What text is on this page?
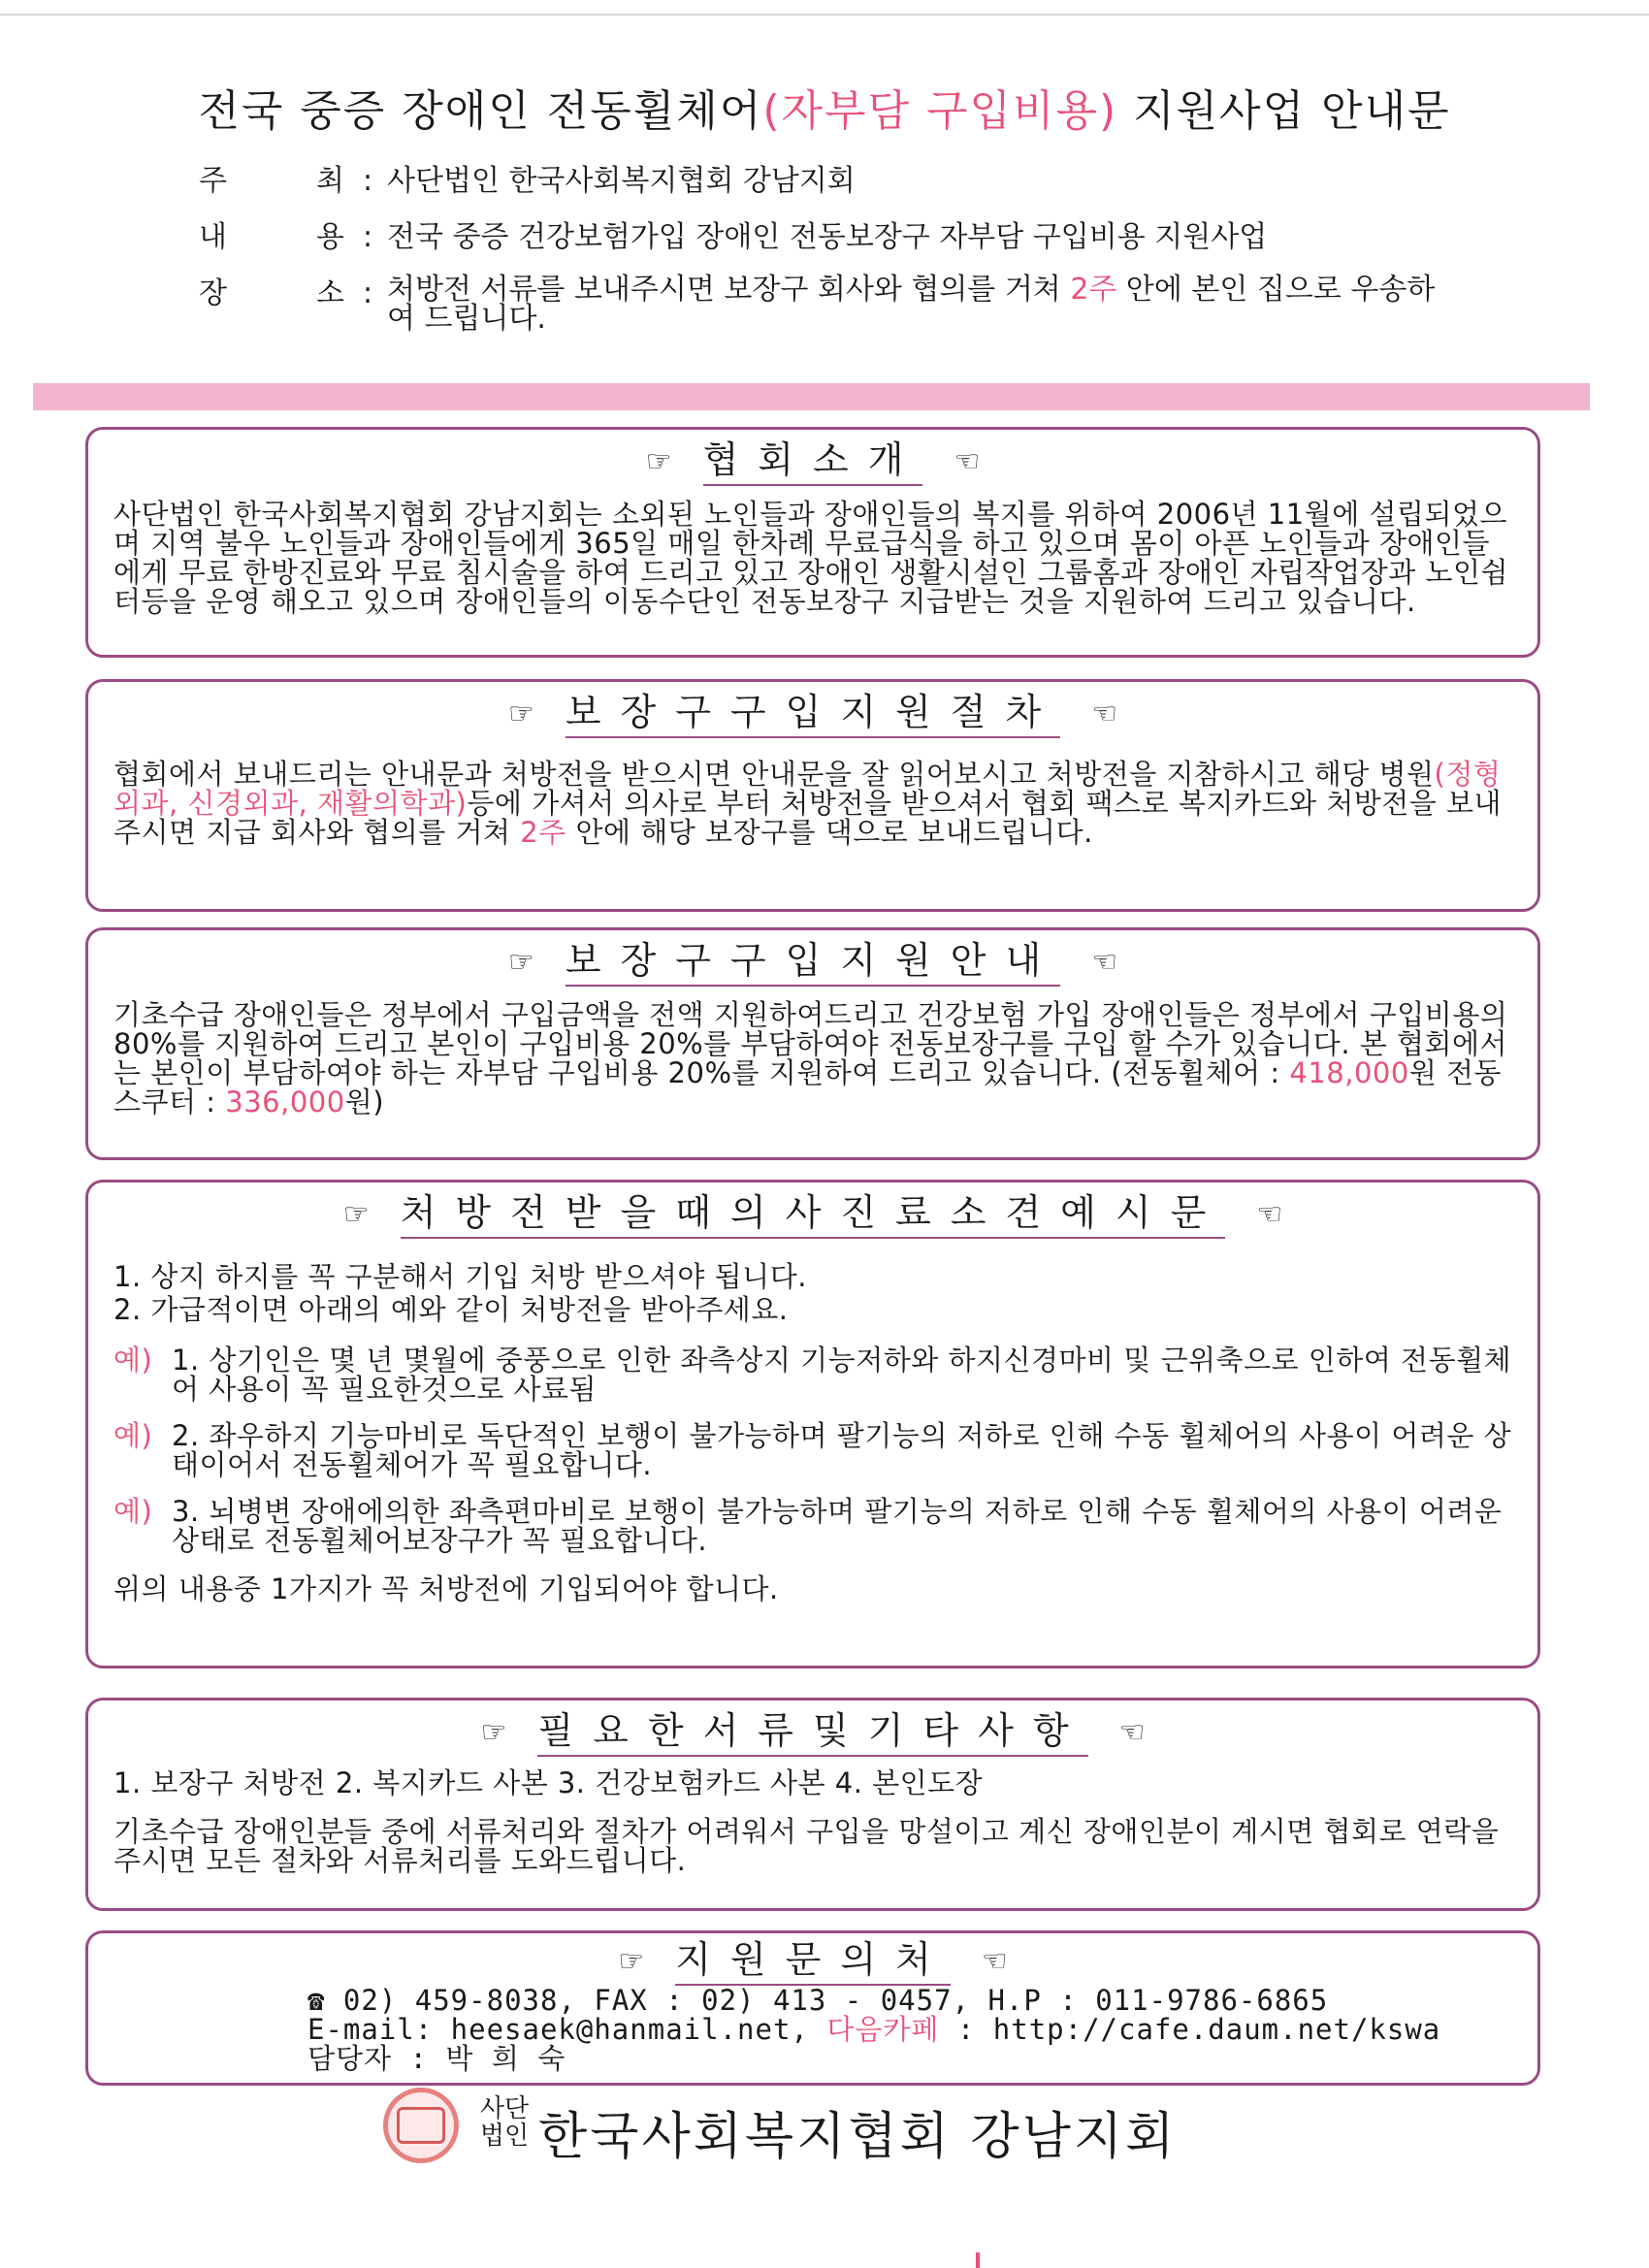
전국 중증 장애인 전동휠체어(자부담 구입비용) 지원사업 안내문
주	최 : 사단법인 한국사회복지협회 강남지회
내	용 : 전국 중증 건강보험가입 장애인 전동보장구 자부담 구입비용 지원사업
장	소 : 처방전 서류를 보내주시면 보장구 회사와 협의를 거쳐 2주 안에 본인 집으로 우송하여 드립니다.
☞ 협회소개 ☜
사단법인 한국사회복지협회 강남지회는 소외된 노인들과 장애인들의 복지를 위하여 2006년 11월에 설립되었으며 지역 불우 노인들과 장애인들에게 365일 매일 한차례 무료급식을 하고 있으며 몸이 아픈 노인들과 장애인들에게 무료 한방진료와 무료 침시술을 하여 드리고 있고 장애인 생활시설인 그룹홈과 장애인 자립작업장과 노인쉼터등을 운영 해오고 있으며 장애인들의 이동수단인 전동보장구 지급받는 것을 지원하여 드리고 있습니다.
☞ 보장구구입지원절차 ☜
협회에서 보내드리는 안내문과 처방전을 받으시면 안내문을 잘 읽어보시고 처방전을 지참하시고 해당 병원(정형외과, 신경외과, 재활의학과)등에 가셔서 의사로 부터 처방전을 받으셔서 협회 팩스로 복지카드와 처방전을 보내주시면 지급 회사와 협의를 거쳐 2주 안에 해당 보장구를 댁으로 보내드립니다.
☞ 보장구구입지원안내 ☜
기초수급 장애인들은 정부에서 구입금액을 전액 지원하여드리고 건강보험 가입 장애인들은 정부에서 구입비용의 80%를 지원하여 드리고 본인이 구입비용 20%를 부담하여야 전동보장구를 구입 할 수가 있습니다. 본 협회에서는 본인이 부담하여야 하는 자부담 구입비용 20%를 지원하여 드리고 있습니다. (전동휠체어 : 418,000원 전동스쿠터 : 336,000원)
☞ 처방전받을때의사진료소견예시문 ☜
1. 상지 하지를 꼭 구분해서 기입 처방 받으셔야 됩니다.
2. 가급적이면 아래의 예와 같이 처방전을 받아주세요.
예) 1. 상기인은 몇 년 몇월에 중풍으로 인한 좌측상지 기능저하와 하지신경마비 및 근위축으로 인하여 전동휠체어 사용이 꼭 필요한것으로 사료됨
예) 2. 좌우하지 기능마비로 독단적인 보행이 불가능하며 팔기능의 저하로 인해 수동 휠체어의 사용이 어려운 상태이어서 전동휠체어가 꼭 필요합니다.
예) 3. 뇌병변 장애에의한 좌측편마비로 보행이 불가능하며 팔기능의 저하로 인해 수동 휠체어의 사용이 어려운 상태로 전동휠체어보장구가 꼭 필요합니다.
위의 내용중 1가지가 꼭 처방전에 기입되어야 합니다.
☞ 필요한서류및기타사항 ☜
1. 보장구 처방전 2. 복지카드 사본 3. 건강보험카드 사본 4. 본인도장
기초수급 장애인분들 중에 서류처리와 절차가 어려워서 구입을 망설이고 계신 장애인분이 계시면 협회로 연락을 주시면 모든 절차와 서류처리를 도와드립니다.
☞ 지원문의처 ☜
☎ 02) 459-8038, FAX : 02) 413 - 0457, H.P : 011-9786-6865
E-mail: heesaek@hanmail.net, 다음카페 : http://cafe.daum.net/kswa
담당자 : 박 희 숙
사단
법인 한국사회복지협회 강남지회
